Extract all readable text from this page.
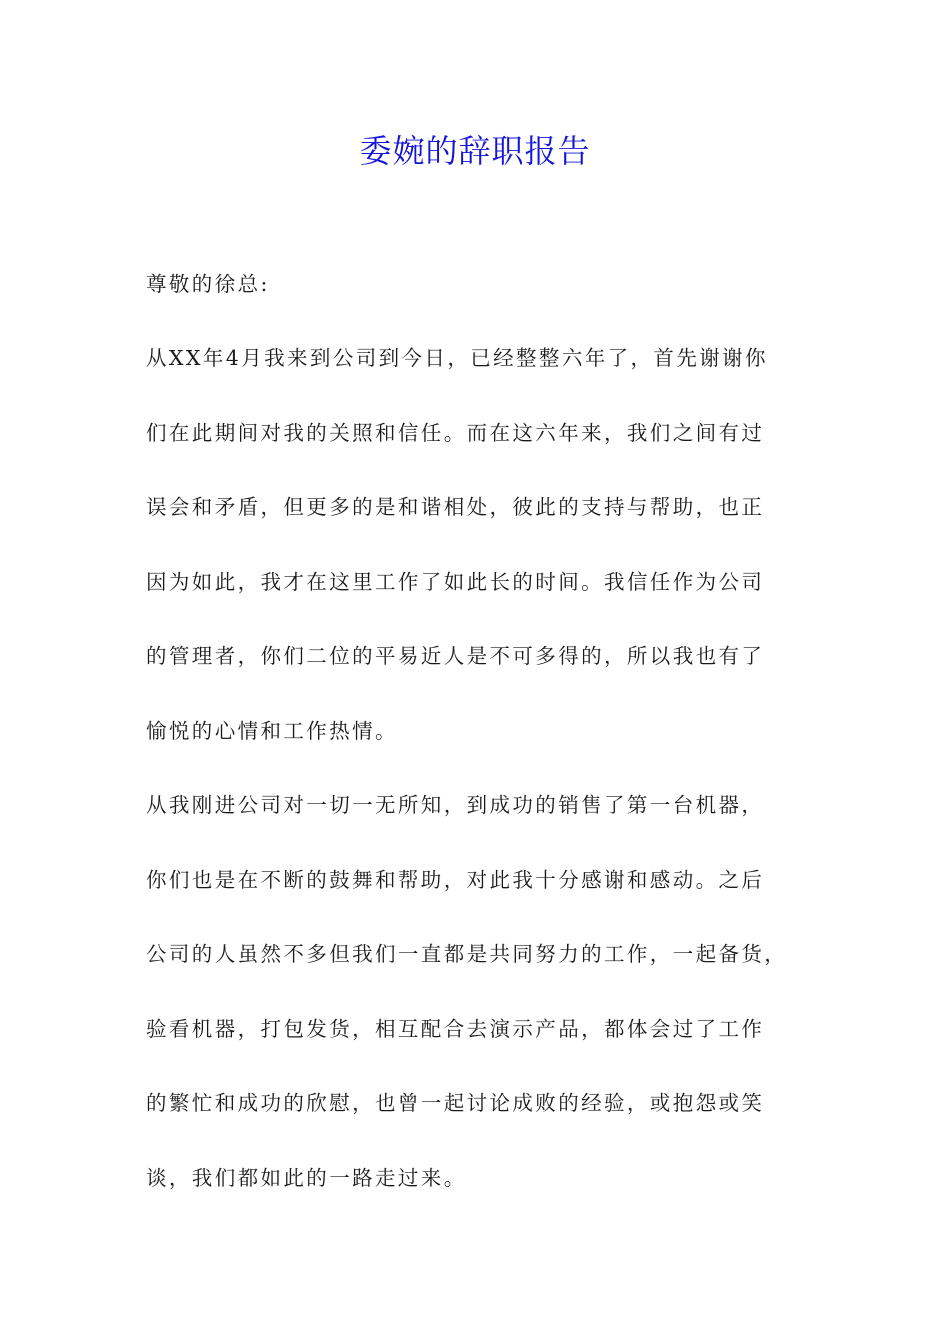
委婉的辞职报告

尊敬的徐总:

从XX年4月我来到公司到今日，已经整整六年了，首先谢谢你

们在此期间对我的关照和信任。而在这六年来，我们之间有过

误会和矛盾，但更多的是和谐相处，彼此的支持与帮助，也正

因为如此，我才在这里工作了如此长的时间。我信任作为公司

的管理者，你们二位的平易近人是不可多得的，所以我也有了

愉悦的心情和工作热情。

从我刚进公司对一切一无所知，到成功的销售了第一台机器，

你们也是在不断的鼓舞和帮助，对此我十分感谢和感动。之后

公司的人虽然不多但我们一直都是共同努力的工作，一起备货，

验看机器，打包发货，相互配合去演示产品，都体会过了工作

的繁忙和成功的欣慰，也曾一起讨论成败的经验，或抱怨或笑

谈，我们都如此的一路走过来。
